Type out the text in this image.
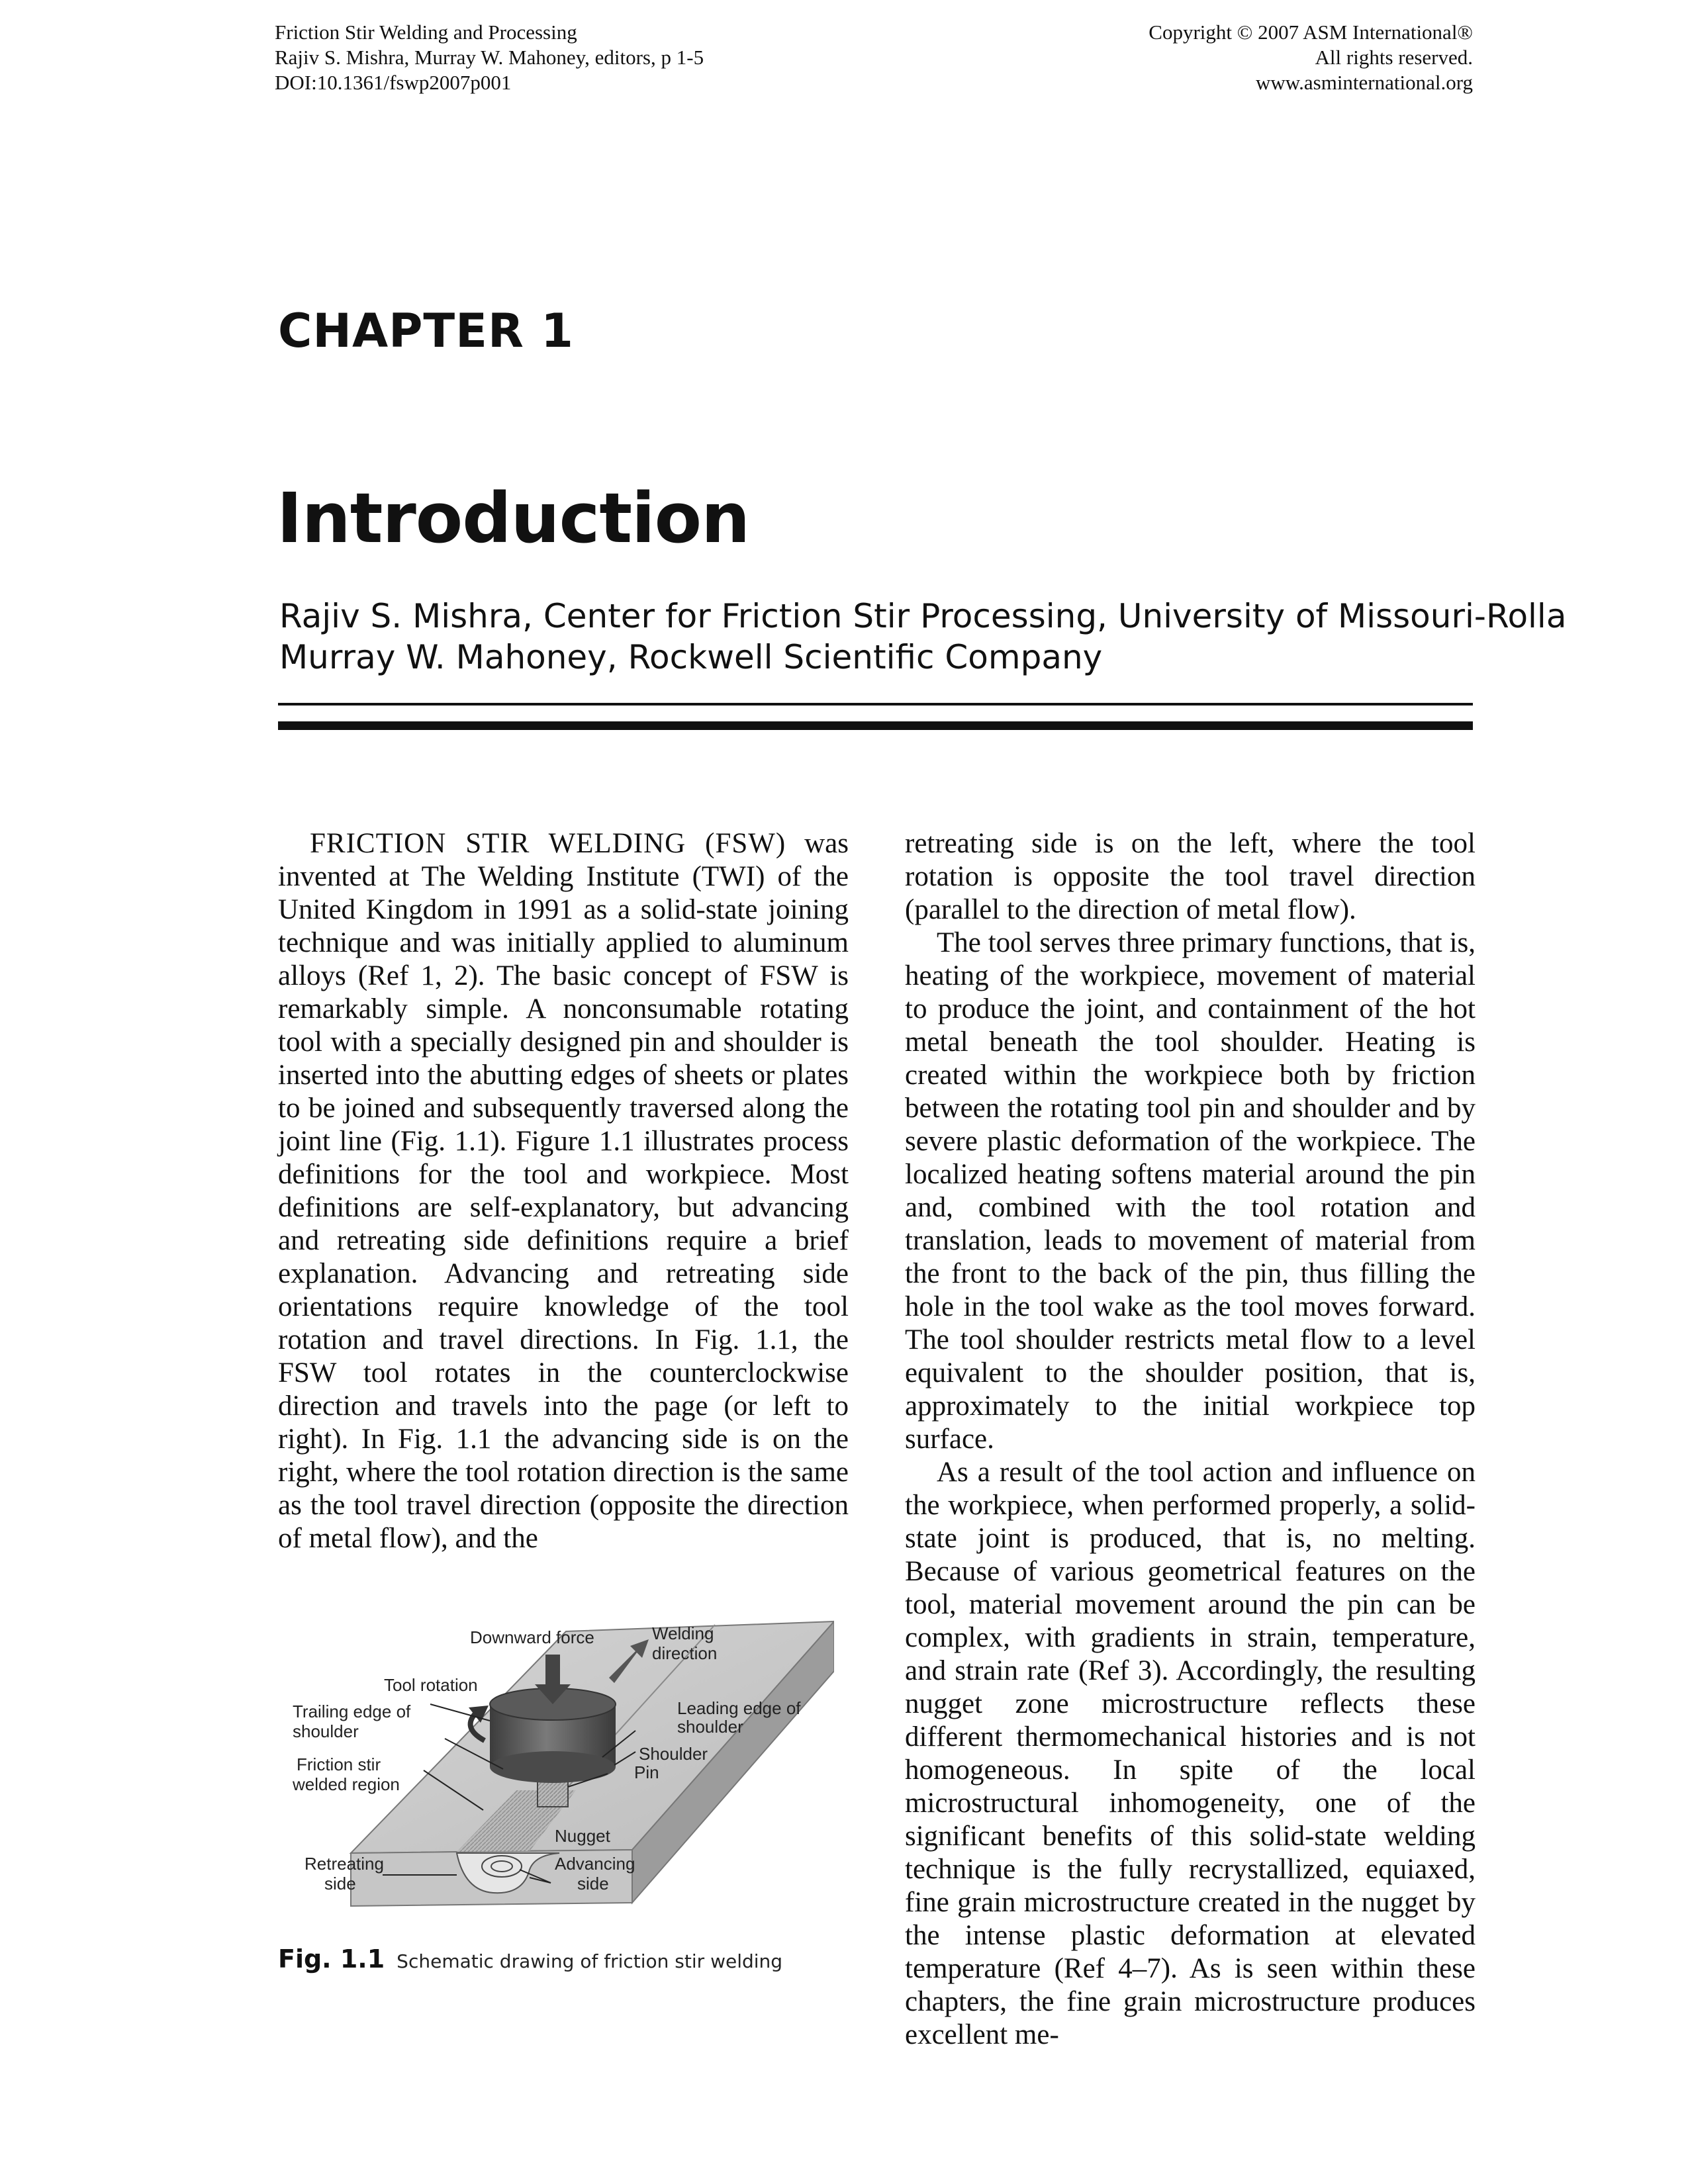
Friction Stir Welding and Processing
Rajiv S. Mishra, Murray W. Mahoney, editors, p 1-5
DOI:10.1361/fswp2007p001
Copyright © 2007 ASM International®
All rights reserved.
www.asminternational.org
CHAPTER 1
Introduction
Rajiv S. Mishra, Center for Friction Stir Processing, University of Missouri-Rolla
Murray W. Mahoney, Rockwell Scientific Company

FRICTION STIR WELDING (FSW) was invented at The Welding Institute (TWI) of the United Kingdom in 1991 as a solid-state joining technique and was initially applied to aluminum alloys (Ref 1, 2). The basic concept of FSW is remarkably simple. A nonconsumable rotating tool with a specially designed pin and shoulder is inserted into the abutting edges of sheets or plates to be joined and subsequently traversed along the joint line (Fig. 1.1). Figure 1.1 illustrates process definitions for the tool and workpiece. Most definitions are self-explanatory, but advancing and retreating side definitions require a brief explanation. Advancing and retreating side orientations require knowledge of the tool rotation and travel directions. In Fig. 1.1, the FSW tool rotates in the counterclockwise direction and travels into the page (or left to right). In Fig. 1.1 the advancing side is on the right, where the tool rotation direction is the same as the tool travel direction (opposite the direction of metal flow), and the

Downward force	Welding
direction
Tool rotation
Trailing edge of
shoulder
Leading edge of
shoulder
Shoulder
Pin
Friction stir
welded region
Nugget
Retreating
side
Advancing
side
Fig. 1.1 Schematic drawing of friction stir welding

retreating side is on the left, where the tool rotation is opposite the tool travel direction (parallel to the direction of metal flow).

The tool serves three primary functions, that is, heating of the workpiece, movement of material to produce the joint, and containment of the hot metal beneath the tool shoulder. Heating is created within the workpiece both by friction between the rotating tool pin and shoulder and by severe plastic deformation of the workpiece. The localized heating softens material around the pin and, combined with the tool rotation and translation, leads to movement of material from the front to the back of the pin, thus filling the hole in the tool wake as the tool moves forward. The tool shoulder restricts metal flow to a level equivalent to the shoulder position, that is, approximately to the initial workpiece top surface.

As a result of the tool action and influence on the workpiece, when performed properly, a solid-state joint is produced, that is, no melting. Because of various geometrical features on the tool, material movement around the pin can be complex, with gradients in strain, temperature, and strain rate (Ref 3). Accordingly, the resulting nugget zone microstructure reflects these different thermomechanical histories and is not homogeneous. In spite of the local microstructural inhomogeneity, one of the significant benefits of this solid-state welding technique is the fully recrystallized, equiaxed, fine grain microstructure created in the nugget by the intense plastic deformation at elevated temperature (Ref 4–7). As is seen within these chapters, the fine grain microstructure produces excellent me-
